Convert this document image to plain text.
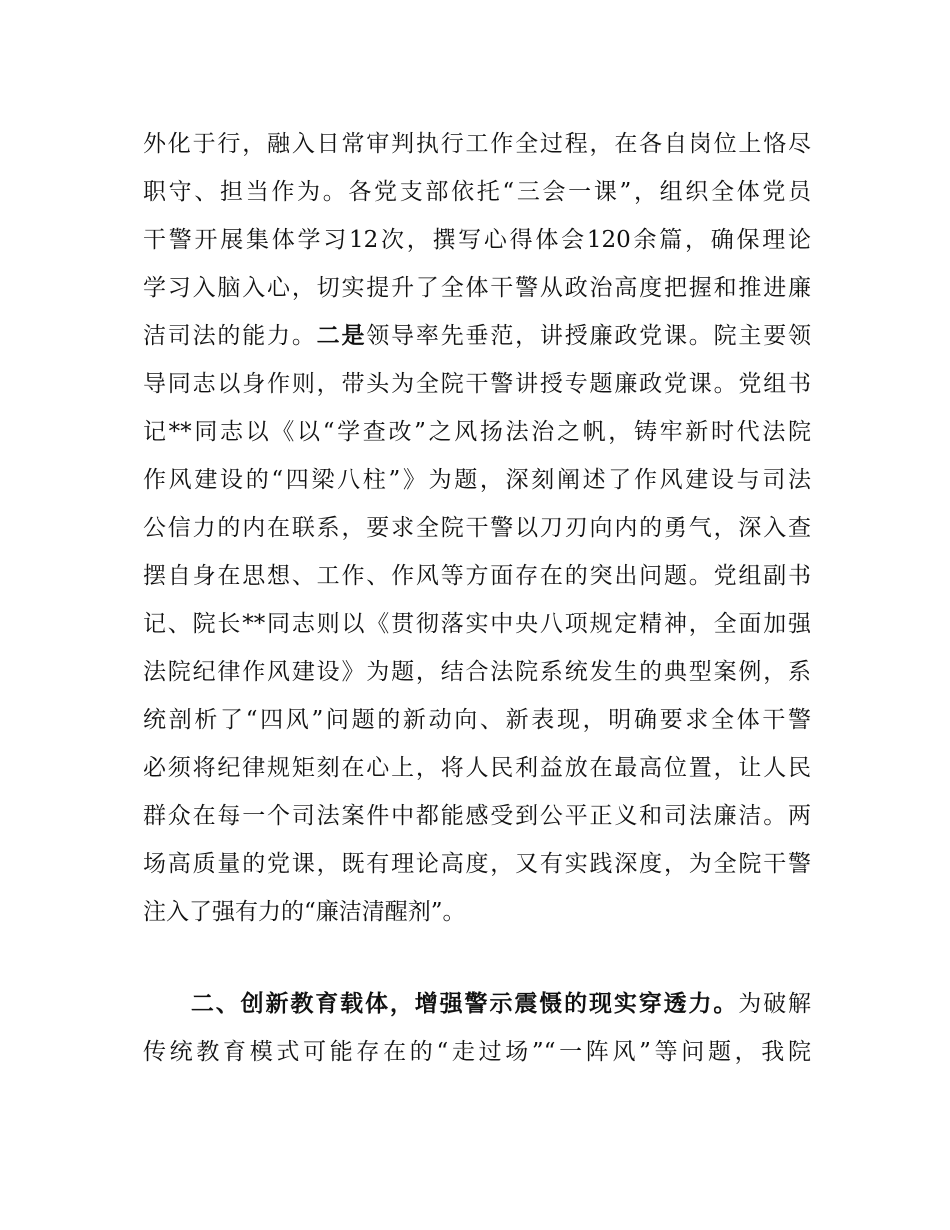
外化于行，融入日常审判执行工作全过程，在各自岗位上恪尽
职守、担当作为。各党支部依托“三会一课”，组织全体党员
干警开展集体学习12次，撰写心得体会120余篇，确保理论
学习入脑入心，切实提升了全体干警从政治高度把握和推进廉
洁司法的能力。二是领导率先垂范，讲授廉政党课。院主要领
导同志以身作则，带头为全院干警讲授专题廉政党课。党组书
记**同志以《以“学查改”之风扬法治之帆，铸牢新时代法院
作风建设的“四梁八柱”》为题，深刻阐述了作风建设与司法
公信力的内在联系，要求全院干警以刀刃向内的勇气，深入查
摆自身在思想、工作、作风等方面存在的突出问题。党组副书
记、院长**同志则以《贯彻落实中央八项规定精神，全面加强
法院纪律作风建设》为题，结合法院系统发生的典型案例，系
统剖析了“四风”问题的新动向、新表现，明确要求全体干警
必须将纪律规矩刻在心上，将人民利益放在最高位置，让人民
群众在每一个司法案件中都能感受到公平正义和司法廉洁。两
场高质量的党课，既有理论高度，又有实践深度，为全院干警
注入了强有力的“廉洁清醒剂”。
二、创新教育载体，增强警示震慑的现实穿透力。为破解
传统教育模式可能存在的“走过场”“一阵风”等问题，我院
